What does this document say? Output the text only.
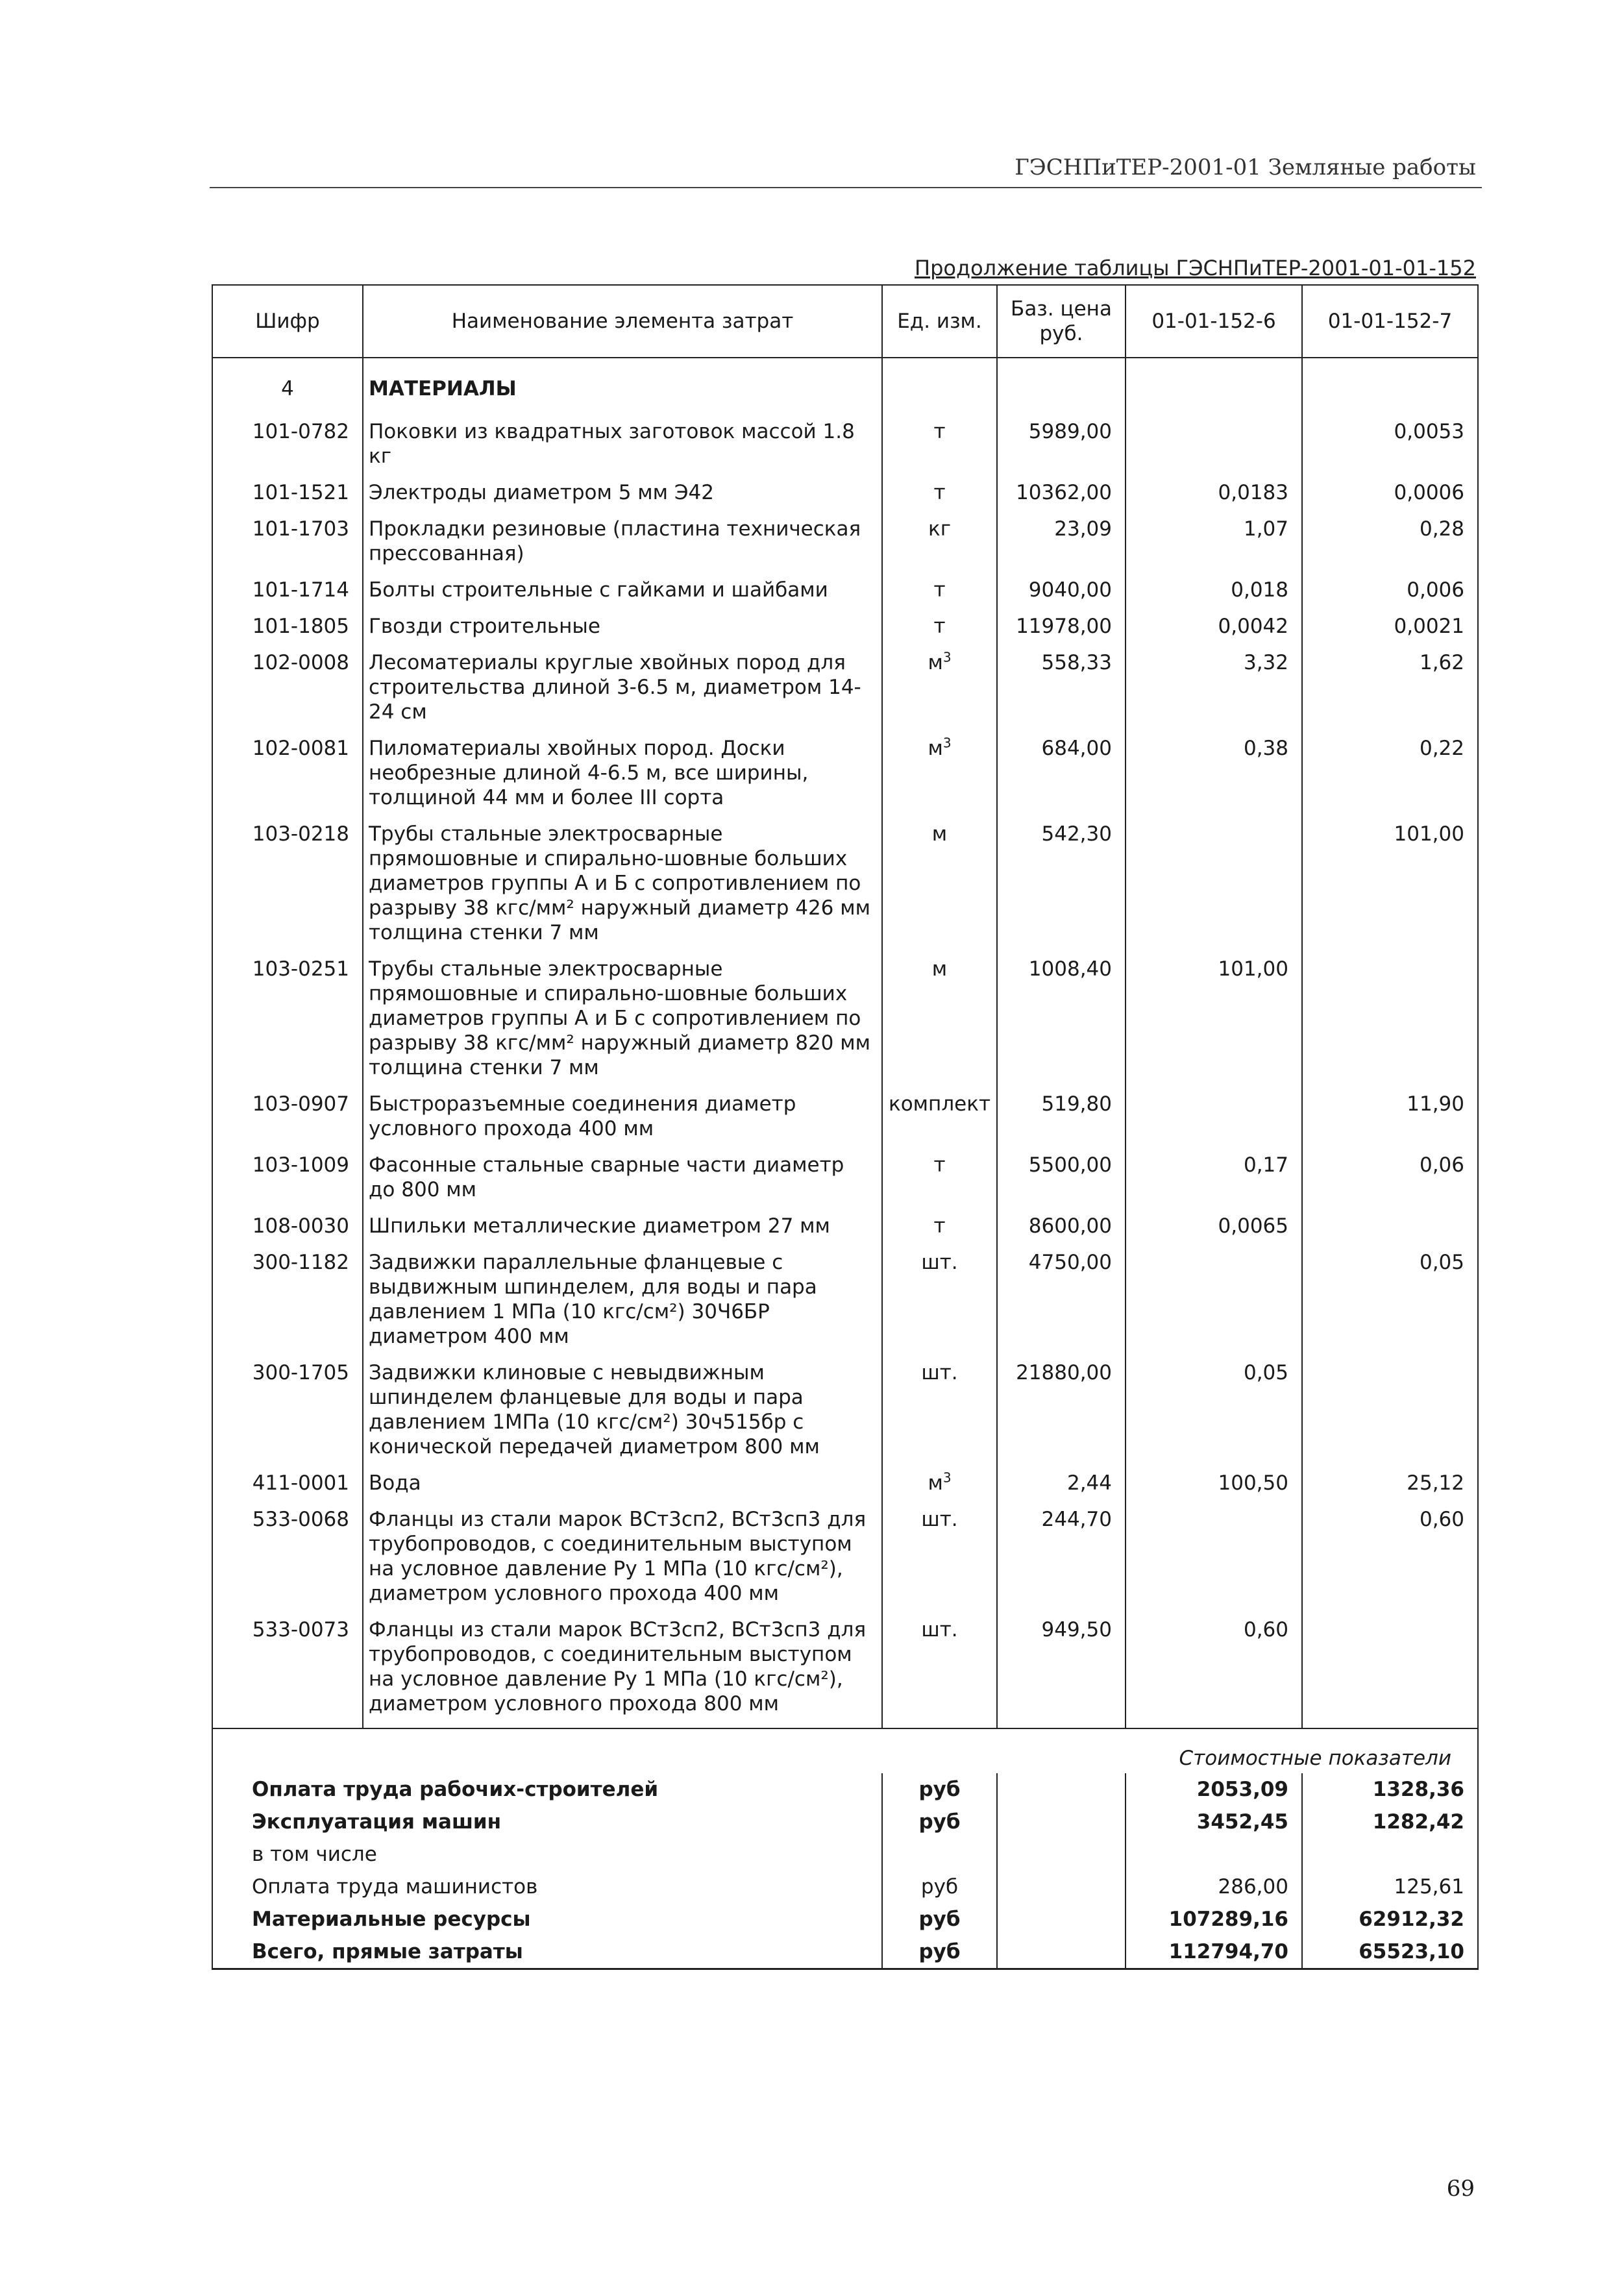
ГЭСНПиТЕР-2001-01 Земляные работы
Продолжение таблицы ГЭСНПиТЕР-2001-01-01-152
Шифр	Наименование элемента затрат	Ед. изм.	Баз. цена руб.	01-01-152-6	01-01-152-7
4	МАТЕРИАЛЫ				
101-0782	Поковки из квадратных заготовок массой 1.8 кг	т	5989,00		0,0053
101-1521	Электроды диаметром 5 мм Э42	т	10362,00	0,0183	0,0006
101-1703	Прокладки резиновые (пластина техническая прессованная)	кг	23,09	1,07	0,28
101-1714	Болты строительные с гайками и шайбами	т	9040,00	0,018	0,006
101-1805	Гвозди строительные	т	11978,00	0,0042	0,0021
102-0008	Лесоматериалы круглые хвойных пород для строительства длиной 3-6.5 м, диаметром 14-24 см	$м^3$	558,33	3,32	1,62
102-0081	Пиломатериалы хвойных пород. Доски необрезные длиной 4-6.5 м, все ширины, толщиной 44 мм и более III сорта	$м^3$	684,00	0,38	0,22
103-0218	Трубы стальные электросварные прямошовные и спирально-шовные больших диаметров группы А и Б с сопротивлением по разрыву 38 кгс/мм² наружный диаметр 426 мм толщина стенки 7 мм	м	542,30		101,00
103-0251	Трубы стальные электросварные прямошовные и спирально-шовные больших диаметров группы А и Б с сопротивлением по разрыву 38 кгс/мм² наружный диаметр 820 мм толщина стенки 7 мм	м	1008,40	101,00	
103-0907	Быстроразъемные соединения диаметр условного прохода 400 мм	комплект	519,80		11,90
103-1009	Фасонные стальные сварные части диаметр до 800 мм	т	5500,00	0,17	0,06
108-0030	Шпильки металлические диаметром 27 мм	т	8600,00	0,0065	
300-1182	Задвижки параллельные фланцевые с выдвижным шпинделем, для воды и пара давлением 1 МПа (10 кгс/см²) 30Ч6БР диаметром 400 мм	шт.	4750,00		0,05
300-1705	Задвижки клиновые с невыдвижным шпинделем фланцевые для воды и пара давлением 1МПа (10 кгс/см²) 30ч515бр с конической передачей диаметром 800 мм	шт.	21880,00	0,05	
411-0001	Вода	$м^3$	2,44	100,50	25,12
533-0068	Фланцы из стали марок ВСт3сп2, ВСт3сп3 для трубопроводов, с соединительным выступом на условное давление Ру 1 МПа (10 кгс/см²), диаметром условного прохода 400 мм	шт.	244,70		0,60
533-0073	Фланцы из стали марок ВСт3сп2, ВСт3сп3 для трубопроводов, с соединительным выступом на условное давление Ру 1 МПа (10 кгс/см²), диаметром условного прохода 800 мм	шт.	949,50	0,60	
Стоимостные показатели					
Оплата труда рабочих-строителей		руб		2053,09	1328,36
Эксплуатация машин		руб		3452,45	1282,42
в том числе					
Оплата труда машинистов		руб		286,00	125,61
Материальные ресурсы		руб		107289,16	62912,32
Всего, прямые затраты		руб		112794,70	65523,10
69
